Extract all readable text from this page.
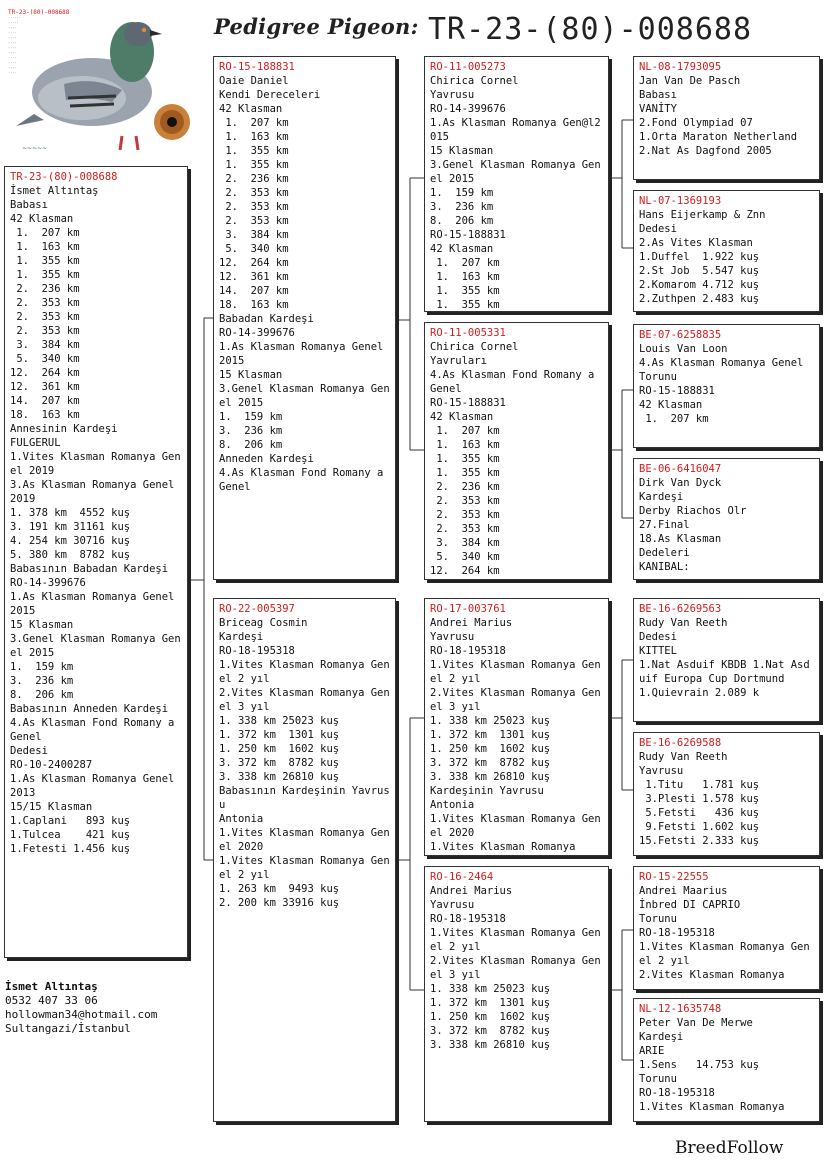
TR-23-(80)-008688
······
·····
····
····
····
····
····
····
····
····
····
····
~~~~~
Pedigree Pigeon: TR-23-(80)-008688
TR-23-(80)-008688
İsmet Altıntaş
Babası
42 Klasman
1.  207 km
1.  163 km
1.  355 km
1.  355 km
2.  236 km
2.  353 km
2.  353 km
2.  353 km
3.  384 km
5.  340 km
12.  264 km
12.  361 km
14.  207 km
18.  163 km
Annesinin Kardeşi
FULGERUL
1.Vites Klasman Romanya Genel 2019
3.As Klasman Romanya Genel 2019
1. 378 km  4552 kuş
3. 191 km 31161 kuş
4. 254 km 30716 kuş
5. 380 km  8782 kuş
Babasının Babadan Kardeşi
RO-14-399676
1.As Klasman Romanya Genel 2015
15 Klasman
3.Genel Klasman Romanya Genel 2015
1.  159 km
3.  236 km
8.  206 km
Babasının Anneden Kardeşi
4.As Klasman Fond Romany a Genel
Dedesi
RO-10-2400287
1.As Klasman Romanya Genel 2013
15/15 Klasman
1.Caplani   893 kuş
1.Tulcea    421 kuş
1.Fetesti 1.456 kuş
RO-15-188831
Oaie Daniel
Kendi Dereceleri
42 Klasman
1.  207 km
1.  163 km
1.  355 km
1.  355 km
2.  236 km
2.  353 km
2.  353 km
2.  353 km
3.  384 km
5.  340 km
12.  264 km
12.  361 km
14.  207 km
18.  163 km
Babadan Kardeşi
RO-14-399676
1.As Klasman Romanya Genel 2015
15 Klasman
3.Genel Klasman Romanya Genel 2015
1.  159 km
3.  236 km
8.  206 km
Anneden Kardeşi
4.As Klasman Fond Romany a Genel
RO-22-005397
Briceag Cosmin
Kardeşi
RO-18-195318
1.Vites Klasman Romanya Genel 2 yıl
2.Vites Klasman Romanya Genel 3 yıl
1. 338 km 25023 kuş
1. 372 km  1301 kuş
1. 250 km  1602 kuş
3. 372 km  8782 kuş
3. 338 km 26810 kuş
Babasının Kardeşinin Yavrusu
Antonia
1.Vites Klasman Romanya Genel 2020
1.Vites Klasman Romanya Genel 2 yıl
1. 263 km  9493 kuş
2. 200 km 33916 kuş
RO-11-005273
Chirica Cornel
Yavrusu
RO-14-399676
1.As Klasman Romanya Gen@l2015
15 Klasman
3.Genel Klasman Romanya Genel 2015
1.  159 km
3.  236 km
8.  206 km
RO-15-188831
42 Klasman
1.  207 km
1.  163 km
1.  355 km
1.  355 km
RO-11-005331
Chirica Cornel
Yavruları
4.As Klasman Fond Romany a Genel
RO-15-188831
42 Klasman
1.  207 km
1.  163 km
1.  355 km
1.  355 km
2.  236 km
2.  353 km
2.  353 km
2.  353 km
3.  384 km
5.  340 km
12.  264 km
RO-17-003761
Andrei Marius
Yavrusu
RO-18-195318
1.Vites Klasman Romanya Genel 2 yıl
2.Vites Klasman Romanya Genel 3 yıl
1. 338 km 25023 kuş
1. 372 km  1301 kuş
1. 250 km  1602 kuş
3. 372 km  8782 kuş
3. 338 km 26810 kuş
Kardeşinin Yavrusu
Antonia
1.Vites Klasman Romanya Genel 2020
1.Vites Klasman Romanya
RO-16-2464
Andrei Marius
Yavrusu
RO-18-195318
1.Vites Klasman Romanya Genel 2 yıl
2.Vites Klasman Romanya Genel 3 yıl
1. 338 km 25023 kuş
1. 372 km  1301 kuş
1. 250 km  1602 kuş
3. 372 km  8782 kuş
3. 338 km 26810 kuş
NL-08-1793095
Jan Van De Pasch
Babası
VANİTY
2.Fond Olympiad 07
1.Orta Maraton Netherland
2.Nat As Dagfond 2005
NL-07-1369193
Hans Eijerkamp & Znn
Dedesi
2.As Vites Klasman
1.Duffel  1.922 kuş
2.St Job  5.547 kuş
2.Komarom 4.712 kuş
2.Zuthpen 2.483 kuş
BE-07-6258835
Louis Van Loon
4.As Klasman Romanya Genel
Torunu
RO-15-188831
42 Klasman
1.  207 km
BE-06-6416047
Dirk Van Dyck
Kardeşi
Derby Riachos Olr
27.Final
18.As Klasman
Dedeleri
KANIBAL:
BE-16-6269563
Rudy Van Reeth
Dedesi
KITTEL
1.Nat Asduif KBDB 1.Nat Asduif Europa Cup Dortmund
1.Quievrain 2.089 k
BE-16-6269588
Rudy Van Reeth
Yavrusu
1.Titu   1.781 kuş
3.Plesti 1.578 kuş
5.Fetsti   436 kuş
9.Fetsti 1.602 kuş
15.Fetsti 2.333 kuş
RO-15-22555
Andrei Maarius
İnbred DI CAPRIO
Torunu
RO-18-195318
1.Vites Klasman Romanya Genel 2 yıl
2.Vites Klasman Romanya
NL-12-1635748
Peter Van De Merwe
Kardeşi
ARIE
1.Sens   14.753 kuş
Torunu
RO-18-195318
1.Vites Klasman Romanya
İsmet Altıntaş
0532 407 33 06
hollowman34@hotmail.com
Sultangazi/İstanbul
BreedFollow
